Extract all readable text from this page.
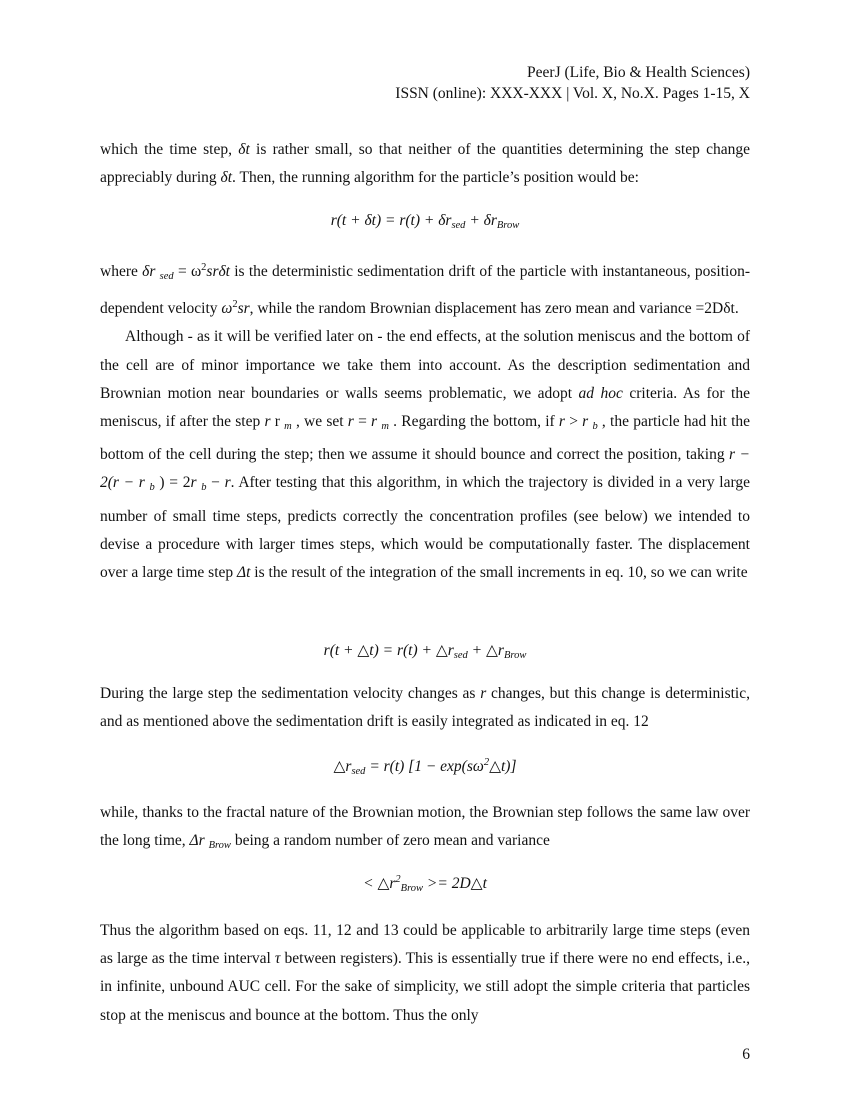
PeerJ (Life, Bio & Health Sciences)
ISSN (online): XXX-XXX | Vol. X, No.X. Pages 1-15, X

which the time step, δt is rather small, so that neither of the quantities determining the step change appreciably during δt. Then, the running algorithm for the particle’s position would be:

r(t + δt) = r(t) + δrsed + δrBrow

where δr sed = $\omega^2sr\delta t$ is the deterministic sedimentation drift of the particle with instantaneous, position-dependent velocity $\omega^2sr$, while the random Brownian displacement has zero mean and variance =2Dδt.

Although - as it will be verified later on - the end effects, at the solution meniscus and the bottom of the cell are of minor importance we take them into account. As the description sedimentation and Brownian motion near boundaries or walls seems problematic, we adopt ad hoc criteria. As for the meniscus, if after the step r r m , we set r = r m . Regarding the bottom, if r > r b , the particle had hit the bottom of the cell during the step; then we assume it should bounce and correct the position, taking r − 2(r − r b ) = 2r b − r. After testing that this algorithm, in which the trajectory is divided in a very large number of small time steps, predicts correctly the concentration profiles (see below) we intended to devise a procedure with larger times steps, which would be computationally faster. The displacement over a large time step Δt is the result of the integration of the small increments in eq. 10, so we can write

r(t + △t) = r(t) + △rsed + △rBrow

During the large step the sedimentation velocity changes as r changes, but this change is deterministic, and as mentioned above the sedimentation drift is easily integrated as indicated in eq. 12

△rsed = r(t) $[1 - \exp(s\omega^2\triangle t)]$

while, thanks to the fractal nature of the Brownian motion, the Brownian step follows the same law over the long time, Δr Brow being a random number of zero mean and variance

< $\triangle r^2Brow$ >= 2D△t

Thus the algorithm based on eqs. 11, 12 and 13 could be applicable to arbitrarily large time steps (even as large as the time interval τ between registers). This is essentially true if there were no end effects, i.e., in infinite, unbound AUC cell. For the sake of simplicity, we still adopt the simple criteria that particles stop at the meniscus and bounce at the bottom. Thus the only

6
